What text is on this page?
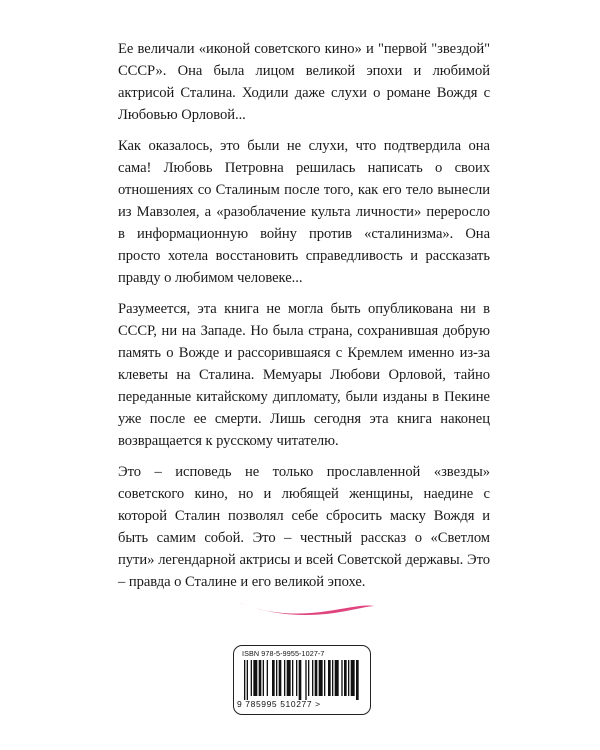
Ее величали «иконой советского кино» и "первой "звездой" СССР». Она была лицом великой эпохи и любимой актрисой Сталина. Ходили даже слухи о романе Вождя с Любовью Орловой...

Как оказалось, это были не слухи, что подтвердила она сама! Любовь Петровна решилась написать о своих отношениях со Сталиным после того, как его тело вынесли из Мавзолея, а «разоблачение культа личности» переросло в информационную войну против «сталинизма». Она просто хотела восстановить справедливость и рассказать правду о любимом человеке...

Разумеется, эта книга не могла быть опубликована ни в СССР, ни на Западе. Но была страна, сохранившая добрую память о Вожде и рассорившаяся с Кремлем именно из-за клеветы на Сталина. Мемуары Любови Орловой, тайно переданные китайскому дипломату, были изданы в Пекине уже после ее смерти. Лишь сегодня эта книга наконец возвращается к русскому читателю.

Это – исповедь не только прославленной «звезды» советского кино, но и любящей женщины, наедине с которой Сталин позволял себе сбросить маску Вождя и быть самим собой. Это – честный рассказ о «Светлом пути» легендарной актрисы и всей Советской державы. Это – правда о Сталине и его великой эпохе.

ISBN 978-5-9955-1027-7
9 785995 510277 >
